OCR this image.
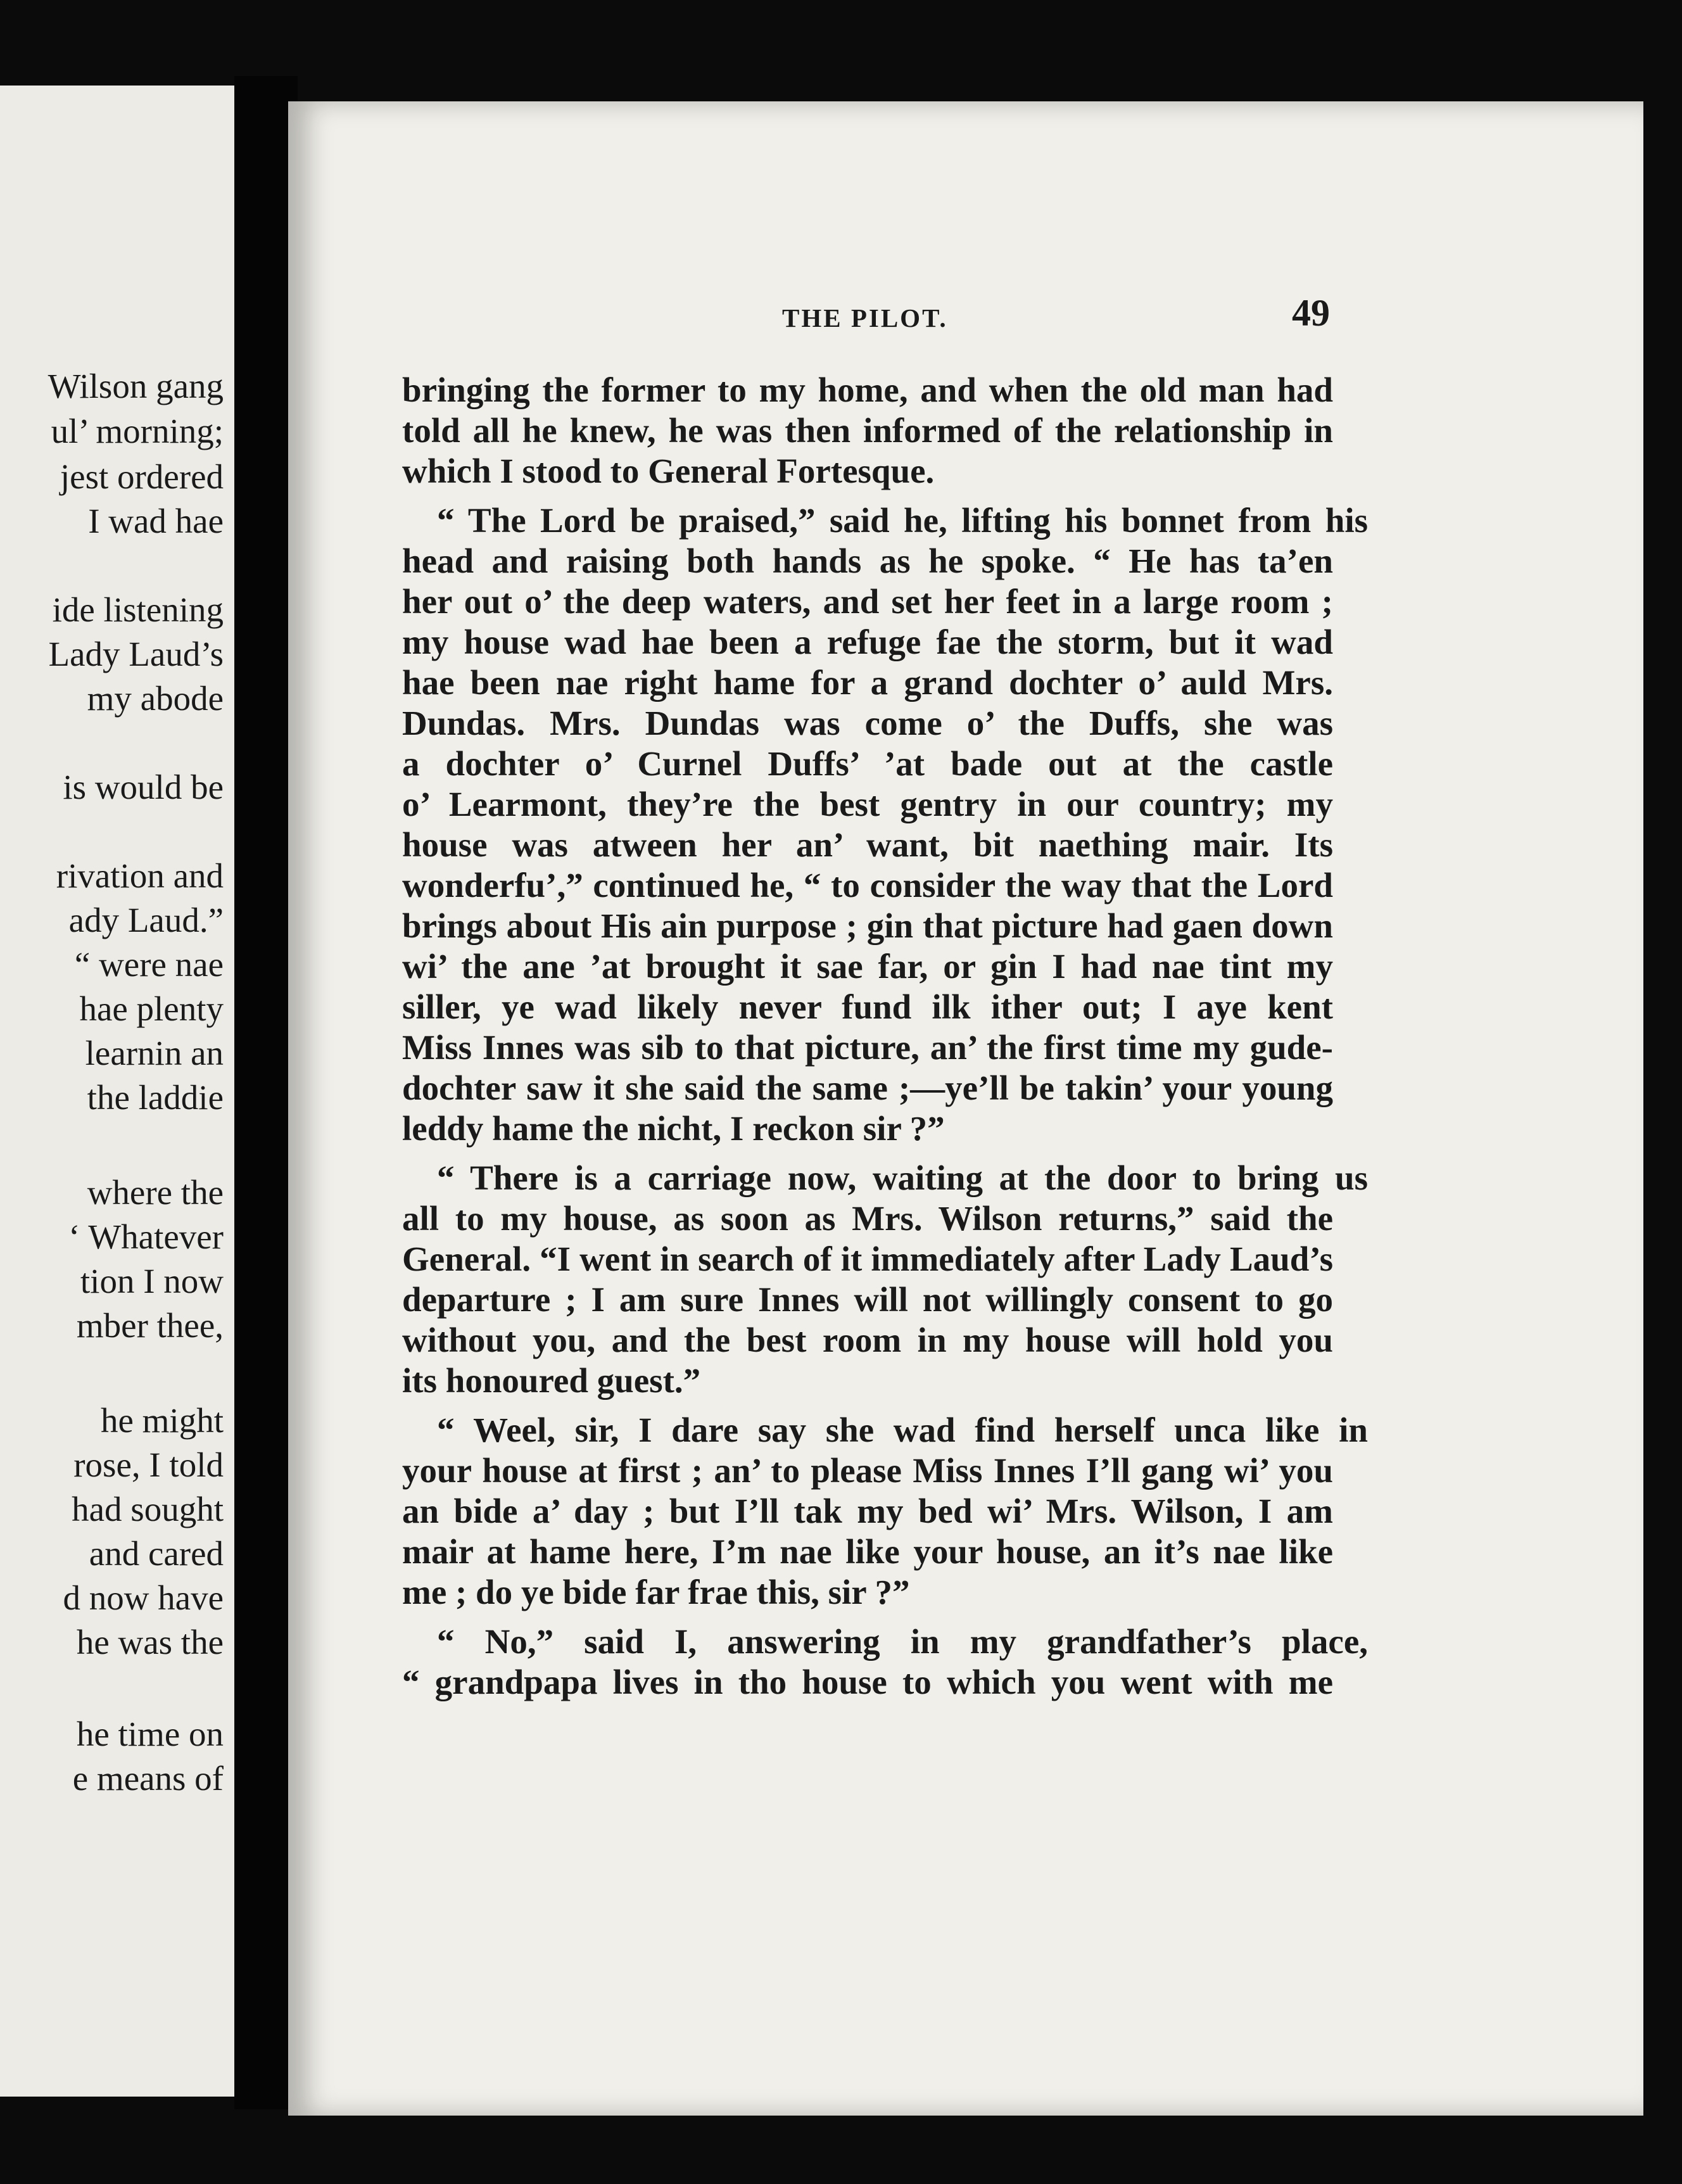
Wilson gang
ul’ morning;
jest ordered
I wad hae
ide listening
Lady Laud’s
my abode
is would be
rivation and
ady Laud.”
“ were nae
hae plenty
learnin an
the laddie
where the
‘ Whatever
tion I now
mber thee,
he might
rose, I told
had sought
and cared
d now have
he was the
he time on
e means of
THE PILOT.	49
bringing the former to my home, and when the old man had
told all he knew, he was then informed of the relationship in
which I stood to General Fortesque.
“ The Lord be praised,” said he, lifting his bonnet from his
head and raising both hands as he spoke. “ He has ta’en
her out o’ the deep waters, and set her feet in a large room ;
my house wad hae been a refuge fae the storm, but it wad
hae been nae right hame for a grand dochter o’ auld Mrs.
Dundas. Mrs. Dundas was come o’ the Duffs, she was
a dochter o’ Curnel Duffs’ ’at bade out at the castle
o’ Learmont, they’re the best gentry in our country; my
house was atween her an’ want, bit naething mair. Its
wonderfu’,” continued he, “ to consider the way that the Lord
brings about His ain purpose ; gin that picture had gaen down
wi’ the ane ’at brought it sae far, or gin I had nae tint my
siller, ye wad likely never fund ilk ither out; I aye kent
Miss Innes was sib to that picture, an’ the first time my gude-
dochter saw it she said the same ;—ye’ll be takin’ your young
leddy hame the nicht, I reckon sir ?”
“ There is a carriage now, waiting at the door to bring us
all to my house, as soon as Mrs. Wilson returns,” said the
General. “I went in search of it immediately after Lady Laud’s
departure ; I am sure Innes will not willingly consent to go
without you, and the best room in my house will hold you
its honoured guest.”
“ Weel, sir, I dare say she wad find herself unca like in
your house at first ; an’ to please Miss Innes I’ll gang wi’ you
an bide a’ day ; but I’ll tak my bed wi’ Mrs. Wilson, I am
mair at hame here, I’m nae like your house, an it’s nae like
me ; do ye bide far frae this, sir ?”
“ No,” said I, answering in my grandfather’s place,
“ grandpapa lives in tho house to which you went with me
